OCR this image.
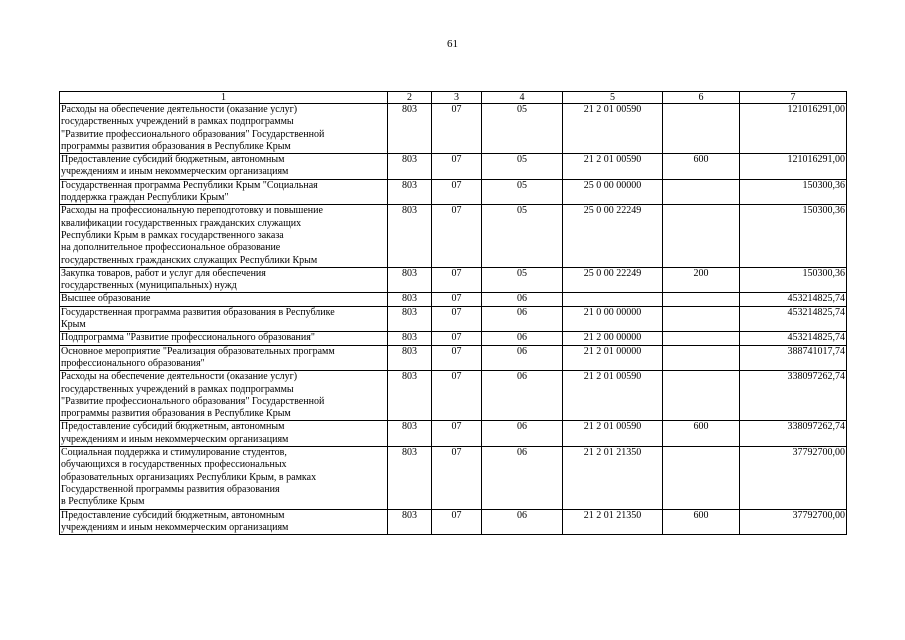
61
1	2	3	4	5	6	7

Расходы на обеспечение деятельности (оказание услуг)
государственных учреждений в рамках подпрограммы
"Развитие профессионального образования" Государственной
программы развития образования в Республике Крым	803	07	05	21 2 01 00590		121016291,00

Предоставление субсидий бюджетным, автономным
учреждениям и иным некоммерческим организациям	803	07	05	21 2 01 00590	600	121016291,00

Государственная программа Республики Крым "Социальная
поддержка граждан Республики Крым"	803	07	05	25 0 00 00000		150300,36

Расходы на профессиональную переподготовку и повышение
квалификации государственных гражданских служащих
Республики Крым в рамках государственного заказа
на дополнительное профессиональное образование
государственных гражданских служащих Республики Крым	803	07	05	25 0 00 22249		150300,36

Закупка товаров, работ и услуг для обеспечения
государственных (муниципальных) нужд	803	07	05	25 0 00 22249	200	150300,36

Высшее образование	803	07	06			453214825,74

Государственная программа развития образования в Республике
Крым	803	07	06	21 0 00 00000		453214825,74

Подпрограмма "Развитие профессионального образования"	803	07	06	21 2 00 00000		453214825,74

Основное мероприятие "Реализация образовательных программ
профессионального образования"	803	07	06	21 2 01 00000		388741017,74

Расходы на обеспечение деятельности (оказание услуг)
государственных учреждений в рамках подпрограммы
"Развитие профессионального образования" Государственной
программы развития образования в Республике Крым	803	07	06	21 2 01 00590		338097262,74

Предоставление субсидий бюджетным, автономным
учреждениям и иным некоммерческим организациям	803	07	06	21 2 01 00590	600	338097262,74

Социальная поддержка и стимулирование студентов,
обучающихся в государственных профессиональных
образовательных организациях Республики Крым, в рамках
Государственной программы развития образования
в Республике Крым	803	07	06	21 2 01 21350		37792700,00

Предоставление субсидий бюджетным, автономным
учреждениям и иным некоммерческим организациям	803	07	06	21 2 01 21350	600	37792700,00
